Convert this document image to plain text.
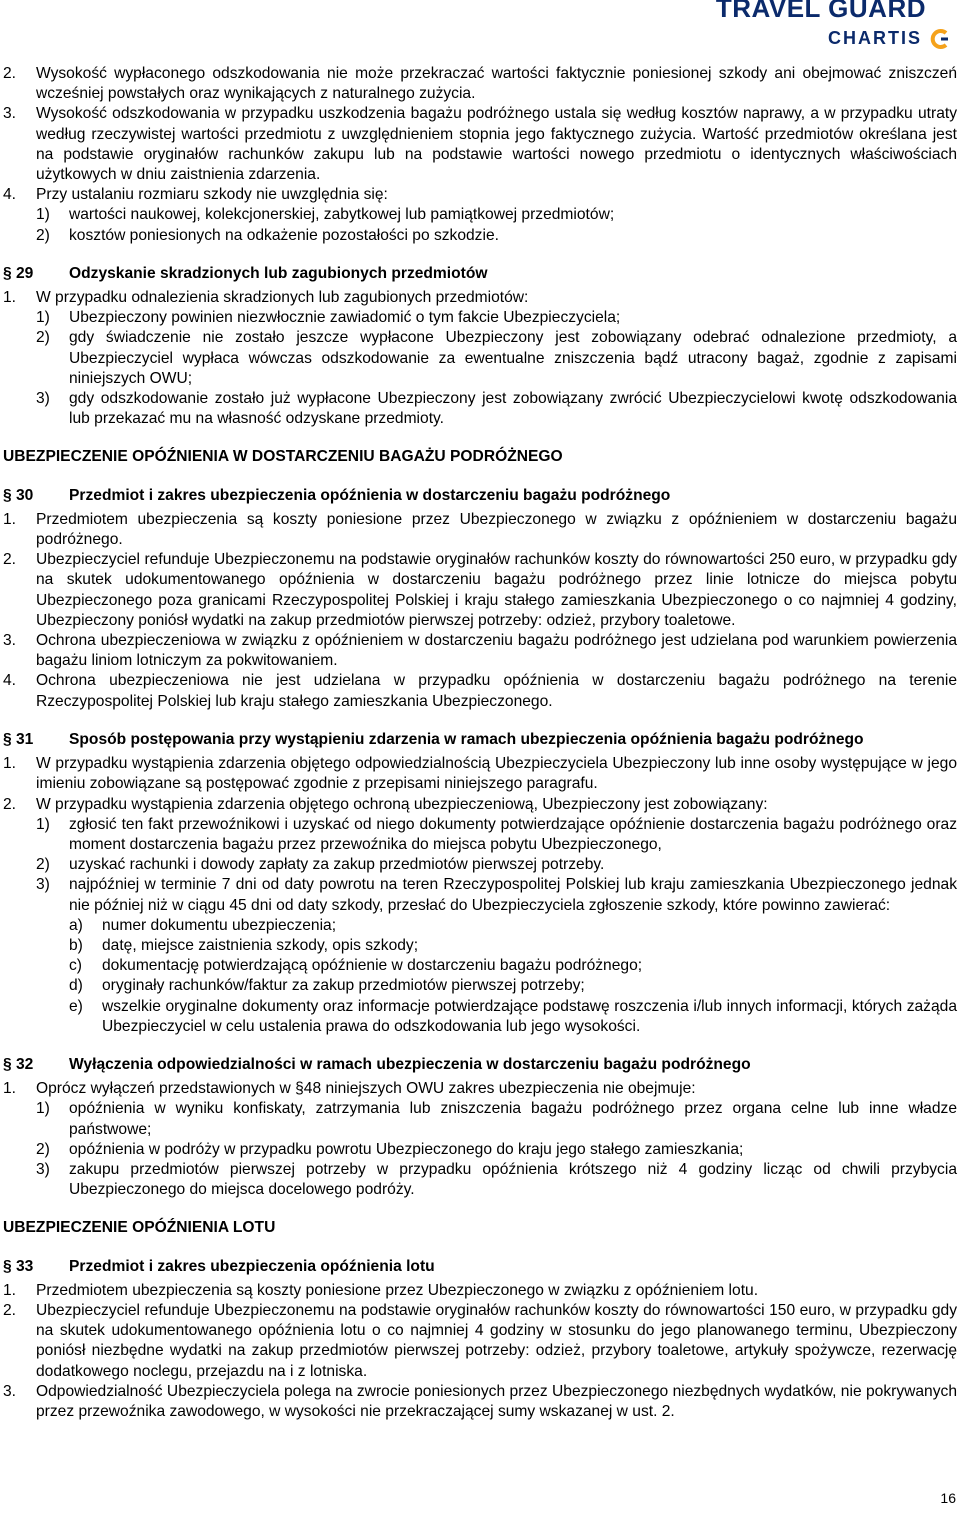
TRAVEL GUARD
CHARTIS
2.	Wysokość wypłaconego odszkodowania nie może przekraczać wartości faktycznie poniesionej szkody ani obejmować zniszczeń wcześniej powstałych oraz wynikających z naturalnego zużycia.
3.	Wysokość odszkodowania w przypadku uszkodzenia bagażu podróżnego ustala się według kosztów naprawy, a w przypadku utraty według rzeczywistej wartości przedmiotu z uwzględnieniem stopnia jego faktycznego zużycia. Wartość przedmiotów określana jest na podstawie oryginałów rachunków zakupu lub na podstawie wartości nowego przedmiotu o identycznych właściwościach użytkowych w dniu zaistnienia zdarzenia.
4.	Przy ustalaniu rozmiaru szkody nie uwzględnia się:
1)	wartości naukowej, kolekcjonerskiej, zabytkowej lub pamiątkowej przedmiotów;
2)	kosztów poniesionych na odkażenie pozostałości po szkodzie.
§ 29	Odzyskanie skradzionych lub zagubionych przedmiotów
1.	W przypadku odnalezienia skradzionych lub zagubionych przedmiotów:
1)	Ubezpieczony powinien niezwłocznie zawiadomić o tym fakcie Ubezpieczyciela;
2)	gdy świadczenie nie zostało jeszcze wypłacone Ubezpieczony jest zobowiązany odebrać odnalezione przedmioty, a Ubezpieczyciel wypłaca wówczas odszkodowanie za ewentualne zniszczenia bądź utracony bagaż, zgodnie z zapisami niniejszych OWU;
3)	gdy odszkodowanie zostało już wypłacone Ubezpieczony jest zobowiązany zwrócić Ubezpieczycielowi kwotę odszkodowania lub przekazać mu na własność odzyskane przedmioty.
UBEZPIECZENIE OPÓŹNIENIA W DOSTARCZENIU BAGAŻU PODRÓŻNEGO
§ 30	Przedmiot i zakres ubezpieczenia opóźnienia w dostarczeniu bagażu podróżnego
1.	Przedmiotem ubezpieczenia są koszty poniesione przez Ubezpieczonego w związku z opóźnieniem w dostarczeniu bagażu podróżnego.
2.	Ubezpieczyciel refunduje Ubezpieczonemu na podstawie oryginałów rachunków koszty do równowartości 250 euro, w przypadku gdy na skutek udokumentowanego opóźnienia w dostarczeniu bagażu podróżnego przez linie lotnicze do miejsca pobytu Ubezpieczonego poza granicami Rzeczypospolitej Polskiej i kraju stałego zamieszkania Ubezpieczonego o co najmniej 4 godziny, Ubezpieczony poniósł wydatki na zakup przedmiotów pierwszej potrzeby: odzież, przybory toaletowe.
3.	Ochrona ubezpieczeniowa w związku z opóźnieniem w dostarczeniu bagażu podróżnego jest udzielana pod warunkiem powierzenia bagażu liniom lotniczym za pokwitowaniem.
4.	Ochrona ubezpieczeniowa nie jest udzielana w przypadku opóźnienia w dostarczeniu bagażu podróżnego na terenie Rzeczypospolitej Polskiej lub kraju stałego zamieszkania Ubezpieczonego.
§ 31	Sposób postępowania przy wystąpieniu zdarzenia w ramach ubezpieczenia opóźnienia bagażu podróżnego
1.	W przypadku wystąpienia zdarzenia objętego odpowiedzialnością Ubezpieczyciela Ubezpieczony lub inne osoby występujące w jego imieniu zobowiązane są postępować zgodnie z przepisami niniejszego paragrafu.
2.	W przypadku wystąpienia zdarzenia objętego ochroną ubezpieczeniową, Ubezpieczony jest zobowiązany:
1)	zgłosić ten fakt przewoźnikowi i uzyskać od niego dokumenty potwierdzające opóźnienie dostarczenia bagażu podróżnego oraz moment dostarczenia bagażu przez przewoźnika do miejsca pobytu Ubezpieczonego,
2)	uzyskać rachunki i dowody zapłaty za zakup przedmiotów pierwszej potrzeby.
3)	najpóźniej w terminie 7 dni od daty powrotu na teren Rzeczypospolitej Polskiej lub kraju zamieszkania Ubezpieczonego jednak nie później niż w ciągu 45 dni od daty szkody, przesłać do Ubezpieczyciela zgłoszenie szkody, które powinno zawierać:
a)	numer dokumentu ubezpieczenia;
b)	datę, miejsce zaistnienia szkody, opis szkody;
c)	dokumentację potwierdzającą opóźnienie w dostarczeniu bagażu podróżnego;
d)	oryginały rachunków/faktur za zakup przedmiotów pierwszej potrzeby;
e)	wszelkie oryginalne dokumenty oraz informacje potwierdzające podstawę roszczenia i/lub innych informacji, których zażąda Ubezpieczyciel w celu ustalenia prawa do odszkodowania lub jego wysokości.
§ 32	Wyłączenia odpowiedzialności w ramach ubezpieczenia w dostarczeniu bagażu podróżnego
1.	Oprócz wyłączeń przedstawionych w §48 niniejszych OWU zakres ubezpieczenia nie obejmuje:
1)	opóźnienia w wyniku konfiskaty, zatrzymania lub zniszczenia bagażu podróżnego przez organa celne lub inne władze państwowe;
2)	opóźnienia w podróży w przypadku powrotu Ubezpieczonego do kraju jego stałego zamieszkania;
3)	zakupu przedmiotów pierwszej potrzeby w przypadku opóźnienia krótszego niż 4 godziny licząc od chwili przybycia Ubezpieczonego do miejsca docelowego podróży.
UBEZPIECZENIE OPÓŹNIENIA LOTU
§ 33	Przedmiot i zakres ubezpieczenia opóźnienia lotu
1.	Przedmiotem ubezpieczenia są koszty poniesione przez Ubezpieczonego w związku z opóźnieniem lotu.
2.	Ubezpieczyciel refunduje Ubezpieczonemu na podstawie oryginałów rachunków koszty do równowartości 150 euro, w przypadku gdy na skutek udokumentowanego opóźnienia lotu o co najmniej 4 godziny w stosunku do jego planowanego terminu, Ubezpieczony poniósł niezbędne wydatki na zakup przedmiotów pierwszej potrzeby: odzież, przybory toaletowe, artykuły spożywcze, rezerwację dodatkowego noclegu, przejazdu na i z lotniska.
3.	Odpowiedzialność Ubezpieczyciela polega na zwrocie poniesionych przez Ubezpieczonego niezbędnych wydatków, nie pokrywanych przez przewoźnika zawodowego, w wysokości nie przekraczającej sumy wskazanej w ust. 2.
16
